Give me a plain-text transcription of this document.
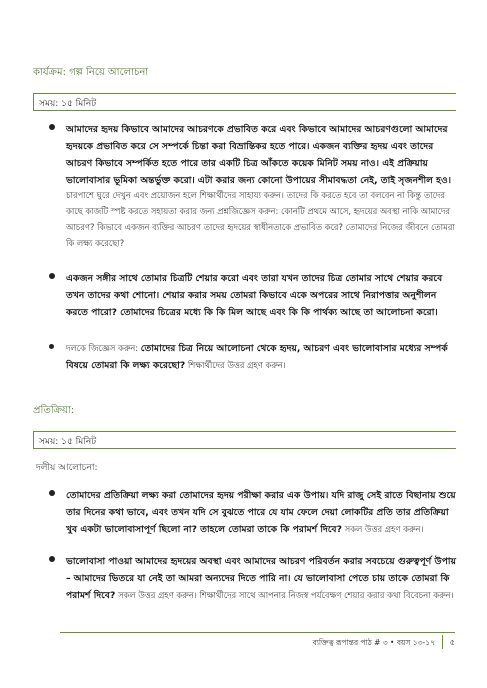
কার্যক্রম: গল্প নিয়ে আলোচনা
সময়: ১৫ মিনিট

আমাদের হৃদয় কিভাবে আমাদের আচরণকে প্রভাবিত করে এবং কিভাবে আমাদের আচরণগুলো আমাদের হৃদয়কে প্রভাবিত করে সে সম্পর্কে চিন্তা করা বিভ্রান্তিকর হতে পারে। একজন ব্যক্তির হৃদয় এবং তাদের আচরণ কিভাবে সম্পর্কিত হতে পারে তার একটি চিত্র আঁকতে কয়েক মিনিট সময় নাও। এই প্রক্রিয়ায় ভালোবাসার ভূমিকা অন্তর্ভুক্ত করো। এটা করার জন্য কোনো উপায়ের সীমাবদ্ধতা নেই, তাই সৃজনশীল হও।

চারপাশে ঘুরে দেখুন এবং প্রয়োজন হলে শিক্ষার্থীদের সাহায্য করুন। তাদের কি করতে হবে তা বলবেন না কিন্তু তাদের কাছে কাজটি স্পষ্ট করতে সহায়তা করার জন্য প্রশ্নজিজ্ঞেস করুন: কোনটি প্রথমে আসে, হৃদয়ের অবস্থা নাকি আমাদের আচরণ? কিভাবে একজন ব্যক্তির আচরণ তাদের হৃদয়ের স্বাধীনতাকে প্রভাবিত করে? তোমাদের নিজের জীবনে তোমরা কি লক্ষ্য করেছো?

একজন সঙ্গীর সাথে তোমার চিত্রটি শেয়ার করো এবং তারা যখন তাদের চিত্র তোমার সাথে শেয়ার করবে তখন তাদের কথা শোনো। শেয়ার করার সময় তোমরা কিভাবে একে অপরের সাথে নিরাপত্তার অনুশীলন করতে পারো? তোমাদের চিত্রের মধ্যে কি কি মিল আছে এবং কি কি পার্থক্য আছে তা আলোচনা করো।

দলকে জিজ্ঞেস করুন: তোমাদের চিত্র নিয়ে আলোচনা থেকে হৃদয়, আচরণ এবং ভালোবাসার মধ্যের সম্পর্ক বিষয়ে তোমরা কি লক্ষ্য করেছো? শিক্ষার্থীদের উত্তর গ্রহণ করুন।

প্রতিক্রিয়া:
সময়: ১৫ মিনিট
দলীয় আলোচনা:

তোমাদের প্রতিক্রিয়া লক্ষ্য করা তোমাদের হৃদয় পরীক্ষা করার এক উপায়। যদি রাজু সেই রাতে বিছানায় শুয়ে তার দিনের কথা ভাবে, এবং তখন যদি সে বুঝতে পারে যে যাম ফেলে দেয়া লোকটির প্রতি তার প্রতিক্রিয়া খুব একটা ভালোবাসাপূর্ণ ছিলো না? তাহলে তোমরা তাকে কি পরামর্শ দিবে? সকল উত্তর গ্রহণ করুন।

ভালোবাসা পাওয়া আমাদের হৃদয়ের অবস্থা এবং আমাদের আচরণ পরিবর্তন করার সবচেয়ে গুরুত্বপূর্ণ উপায় – আমাদের ভিতরে যা নেই তা আমরা অন্যদের দিতে পারি না। যে ভালোবাসা পেতে চায় তাকে তোমরা কি পরামর্শ দিবে? সকল উত্তর গ্রহণ করুন। শিক্ষার্থীদের সাথে আপনার নিজস্ব পর্যবেক্ষণ শেয়ার করার কথা বিবেচনা করুন।

ব্যক্তিত্ব রূপান্তর পাঠ # ৩ • বয়স ১৩-১৭ ৫
